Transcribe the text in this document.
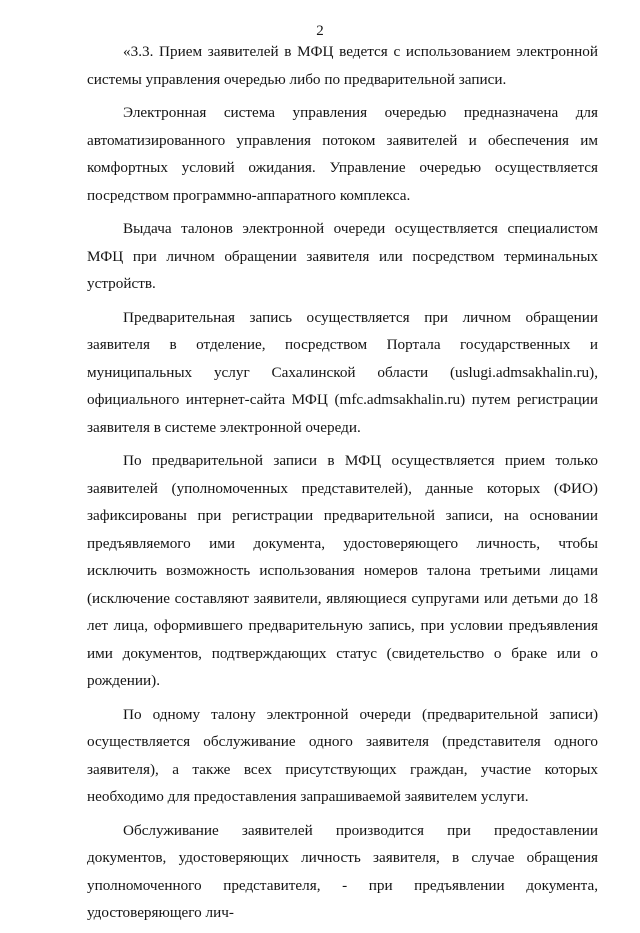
2

«3.3. Прием заявителей в МФЦ ведется с использованием электронной системы управления очередью либо по предварительной записи.

Электронная система управления очередью предназначена для автоматизированного управления потоком заявителей и обеспечения им комфортных условий ожидания. Управление очередью осуществляется посредством программно-аппаратного комплекса.

Выдача талонов электронной очереди осуществляется специалистом МФЦ при личном обращении заявителя или посредством терминальных устройств.

Предварительная запись осуществляется при личном обращении заявителя в отделение, посредством Портала государственных и муниципальных услуг Сахалинской области (uslugi.admsakhalin.ru), официального интернет-сайта МФЦ (mfc.admsakhalin.ru) путем регистрации заявителя в системе электронной очереди.

По предварительной записи в МФЦ осуществляется прием только заявителей (уполномоченных представителей), данные которых (ФИО) зафиксированы при регистрации предварительной записи, на основании предъявляемого ими документа, удостоверяющего личность, чтобы исключить возможность использования номеров талона третьими лицами (исключение составляют заявители, являющиеся супругами или детьми до 18 лет лица, оформившего предварительную запись, при условии предъявления ими документов, подтверждающих статус (свидетельство о браке или о рождении).

По одному талону электронной очереди (предварительной записи) осуществляется обслуживание одного заявителя (представителя одного заявителя), а также всех присутствующих граждан, участие которых необходимо для предоставления запрашиваемой заявителем услуги.

Обслуживание заявителей производится при предоставлении документов, удостоверяющих личность заявителя, в случае обращения уполномоченного представителя, - при предъявлении документа, удостоверяющего лич-
